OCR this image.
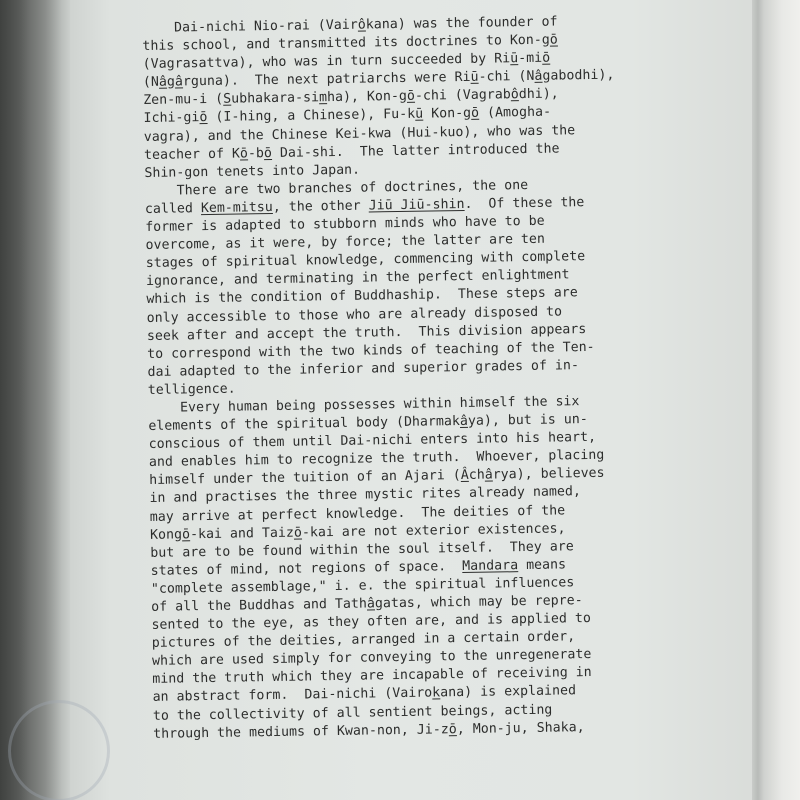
Dai-nichi Nio-rai (Vairôkana) was the founder of
this school, and transmitted its doctrines to Kon-gō
(Vagrasattva), who was in turn succeeded by Riū-miō
(Nâgârguna).  The next patriarchs were Riū-chi (Nâgabodhi),
Zen-mu-i (Subhakara-simha), Kon-gō-chi (Vagrabôdhi),
Ichi-giō (I-hing, a Chinese), Fu-kū Kon-gō (Amogha-
vagra), and the Chinese Kei-kwa (Hui-kuo), who was the
teacher of Kō-bō Dai-shi.  The latter introduced the
Shin-gon tenets into Japan.
There are two branches of doctrines, the one
called Kem-mitsu, the other Jiū Jiū-shin.  Of these the
former is adapted to stubborn minds who have to be
overcome, as it were, by force; the latter are ten
stages of spiritual knowledge, commencing with complete
ignorance, and terminating in the perfect enlightment
which is the condition of Buddhaship.  These steps are
only accessible to those who are already disposed to
seek after and accept the truth.  This division appears
to correspond with the two kinds of teaching of the Ten-
dai adapted to the inferior and superior grades of in-
telligence.
Every human being possesses within himself the six
elements of the spiritual body (Dharmakâya), but is un-
conscious of them until Dai-nichi enters into his heart,
and enables him to recognize the truth.  Whoever, placing
himself under the tuition of an Ajari (Âchârya), believes
in and practises the three mystic rites already named,
may arrive at perfect knowledge.  The deities of the
Kongō-kai and Taizō-kai are not exterior existences,
but are to be found within the soul itself.  They are
states of mind, not regions of space.  Mandara means
"complete assemblage," i. e. the spiritual influences
of all the Buddhas and Tathâgatas, which may be repre-
sented to the eye, as they often are, and is applied to
pictures of the deities, arranged in a certain order,
which are used simply for conveying to the unregenerate
mind the truth which they are incapable of receiving in
an abstract form.  Dai-nichi (Vairokana) is explained
to the collectivity of all sentient beings, acting
through the mediums of Kwan-non, Ji-zō, Mon-ju, Shaka,
